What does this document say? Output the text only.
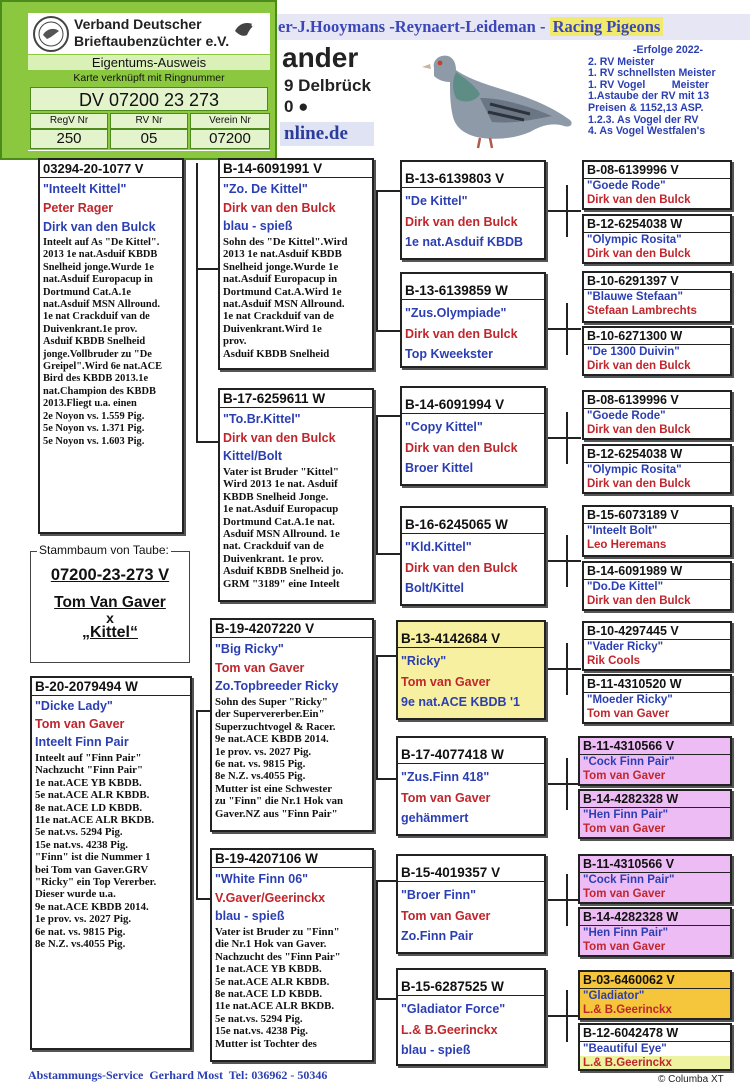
er-J.Hooymans -Reynaert-Leideman - Racing Pigeons
ander
9 Delbrück
0 ●
nline.de
-Erfolge 2022-
2. RV Meister
1. RV schnellsten Meister
1. RV Vogel         Meister
1.Astaube der RV mit 13
Preisen & 1152,13 ASP.
1.2.3. As Vogel der RV
4. As Vogel Westfalen's
Verband Deutscher
Brieftaubenzüchter e.V.
Eigentums-Ausweis
Karte verknüpft mit Ringnummer
DV 07200 23 273
RegV Nr	RV Nr	Verein Nr
250	05	07200
03294-20-1077 V
"Inteelt Kittel"
Peter Rager
Dirk van den Bulck
Inteelt auf As "De Kittel".
2013 1e nat.Asduif KBDB
Snelheid jonge.Wurde 1e
nat.Asduif Europacup in
Dortmund Cat.A.1e
nat.Asduif MSN Allround.
1e nat Crackduif van de
Duivenkrant.1e prov.
Asduif KBDB Snelheid
jonge.Vollbruder zu "De
Greipel".Wird 6e nat.ACE
Bird des KBDB 2013.1e
nat.Champion des KBDB
2013.Fliegt u.a. einen
2e Noyon vs. 1.559 Pig.
5e Noyon vs. 1.371 Pig.
5e Noyon vs. 1.603 Pig.
Stammbaum von Taube:
07200-23-273 V
Tom Van Gaver
x
„Kittel“
B-20-2079494 W
"Dicke Lady"
Tom van Gaver
Inteelt Finn Pair
Inteelt auf "Finn Pair"
Nachzucht "Finn Pair"
1e nat.ACE YB KBDB.
5e nat.ACE ALR KBDB.
8e nat.ACE LD KBDB.
11e nat.ACE ALR BKDB.
5e nat.vs. 5294 Pig.
15e nat.vs. 4238 Pig.
"Finn" ist die Nummer 1
bei Tom van Gaver.GRV
"Ricky" ein Top Vererber.
Dieser wurde u.a.
9e nat.ACE KBDB 2014.
1e prov. vs. 2027 Pig.
6e nat. vs. 9815 Pig.
8e N.Z. vs.4055 Pig.
B-14-6091991 V
"Zo. De Kittel"
Dirk van den Bulck
blau - spieß
Sohn des "De Kittel".Wird
2013 1e nat.Asduif KBDB
Snelheid jonge.Wurde 1e
nat.Asduif Europacup in
Dortmund Cat.A.Wird 1e
nat.Asduif MSN Allround.
1e nat Crackduif van de
Duivenkrant.Wird 1e
prov.
Asduif KBDB Snelheid
B-17-6259611 W
"To.Br.Kittel"
Dirk van den Bulck
Kittel/Bolt
Vater ist Bruder "Kittel"
Wird 2013 1e nat. Asduif
KBDB Snelheid Jonge.
1e nat.Asduif Europacup
Dortmund Cat.A.1e nat.
Asduif MSN Allround. 1e
nat. Crackduif van de
Duivenkrant. 1e prov.
Asduif KBDB Snelheid jo.
GRM "3189" eine Inteelt
B-19-4207220 V
"Big Ricky"
Tom van Gaver
Zo.Topbreeder Ricky
Sohn des Super "Ricky"
der Supervererber.Ein"
Superzuchtvogel & Racer.
9e nat.ACE KBDB 2014.
1e prov. vs. 2027 Pig.
6e nat. vs. 9815 Pig.
8e N.Z. vs.4055 Pig.
Mutter ist eine Schwester
zu "Finn" die Nr.1 Hok van
Gaver.NZ aus "Finn Pair"
B-19-4207106 W
"White Finn 06"
V.Gaver/Geerinckx
blau - spieß
Vater ist Bruder zu "Finn"
die Nr.1 Hok van Gaver.
Nachzucht des "Finn Pair"
1e nat.ACE YB KBDB.
5e nat.ACE ALR KBDB.
8e nat.ACE LD KBDB.
11e nat.ACE ALR BKDB.
5e nat.vs. 5294 Pig.
15e nat.vs. 4238 Pig.
Mutter ist Tochter des
B-13-6139803 V
"De Kittel"
Dirk van den Bulck
1e nat.Asduif KBDB
B-13-6139859 W
"Zus.Olympiade"
Dirk van den Bulck
Top Kweekster
B-14-6091994 V
"Copy Kittel"
Dirk van den Bulck
Broer Kittel
B-16-6245065 W
"Kld.Kittel"
Dirk van den Bulck
Bolt/Kittel
B-13-4142684 V
"Ricky"
Tom van Gaver
9e nat.ACE KBDB '1
B-17-4077418 W
"Zus.Finn 418"
Tom van Gaver
gehämmert
B-15-4019357 V
"Broer Finn"
Tom van Gaver
Zo.Finn Pair
B-15-6287525 W
"Gladiator Force"
L.& B.Geerinckx
blau - spieß
B-08-6139996 V
"Goede Rode"
Dirk van den Bulck
B-12-6254038 W
"Olympic Rosita"
Dirk van den Bulck
B-10-6291397 V
"Blauwe Stefaan"
Stefaan Lambrechts
B-10-6271300 W
"De 1300 Duivin"
Dirk van den Bulck
B-08-6139996 V
"Goede Rode"
Dirk van den Bulck
B-12-6254038 W
"Olympic Rosita"
Dirk van den Bulck
B-15-6073189 V
"Inteelt Bolt"
Leo Heremans
B-14-6091989 W
"Do.De Kittel"
Dirk van den Bulck
B-10-4297445 V
"Vader Ricky"
Rik Cools
B-11-4310520 W
"Moeder Ricky"
Tom van Gaver
B-11-4310566 V
"Cock Finn Pair"
Tom van Gaver
B-14-4282328 W
"Hen Finn Pair"
Tom van Gaver
B-11-4310566 V
"Cock Finn Pair"
Tom van Gaver
B-14-4282328 W
"Hen Finn Pair"
Tom van Gaver
B-03-6460062 V
"Gladiator"
L.& B.Geerinckx
B-12-6042478 W
"Beautiful Eye"
L.& B.Geerinckx
Abstammungs-Service  Gerhard Most  Tel: 036962 - 50346	© Columba XT
